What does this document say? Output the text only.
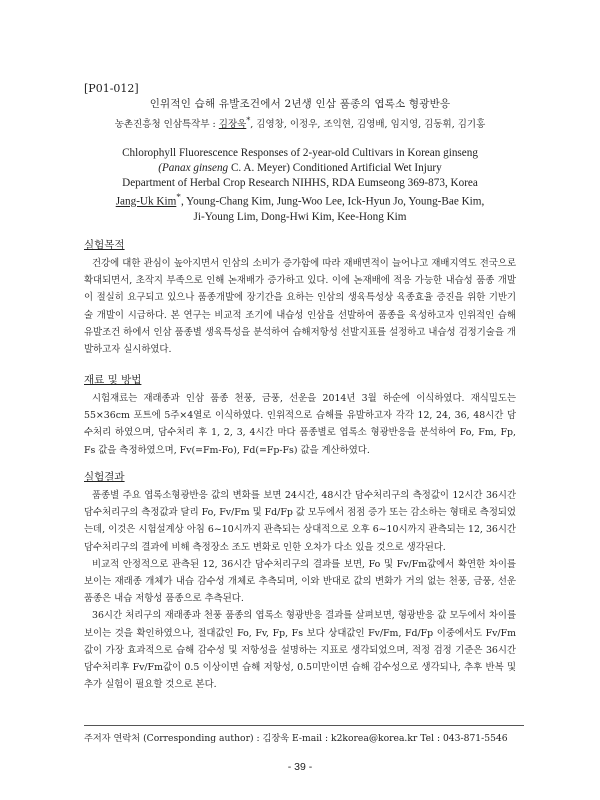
[P01-012]
인위적인 습해 유발조건에서 2년생 인삼 품종의 엽록소 형광반응
농촌진흥청 인삼특작부 : 김장욱*, 김영창, 이정우, 조익현, 김영배, 임지영, 김동휘, 김기홍
Chlorophyll Fluorescence Responses of 2-year-old Cultivars in Korean ginseng
(Panax ginseng C. A. Meyer) Conditioned Artificial Wet Injury
Department of Herbal Crop Research NIHHS, RDA Eumseong 369-873, Korea
Jang-Uk Kim*, Young-Chang Kim, Jung-Woo Lee, Ick-Hyun Jo, Young-Bae Kim,
Ji-Young Lim, Dong-Hwi Kim, Kee-Hong Kim
실험목적

건강에 대한 관심이 높아지면서 인삼의 소비가 증가함에 따라 재배면적이 늘어나고 재배지역도 전국으로 확대되면서, 초작지 부족으로 인해 논재배가 증가하고 있다. 이에 논재배에 적응 가능한 내습성 품종 개발이 절실히 요구되고 있으나 품종개발에 장기간을 요하는 인삼의 생육특성상 육종효율 증진을 위한 기반기술 개발이 시급하다. 본 연구는 비교적 조기에 내습성 인삼을 선발하여 품종을 육성하고자 인위적인 습해 유발조건 하에서 인삼 품종별 생육특성을 분석하여 습해저항성 선발지표를 설정하고 내습성 검정기술을 개발하고자 실시하였다.

재료 및 방법

시험재료는 재래종과 인삼 품종 천풍, 금풍, 선운을 2014년 3월 하순에 이식하였다. 재식밀도는 55×36cm 포트에 5주×4열로 이식하였다. 인위적으로 습해를 유발하고자 각각 12, 24, 36, 48시간 담수처리 하였으며, 담수처리 후 1, 2, 3, 4시간 마다 품종별로 엽록소 형광반응을 분석하여 Fo, Fm, Fp, Fs 값을 측정하였으며, Fv(=Fm-Fo), Fd(=Fp-Fs) 값을 계산하였다.

실험결과

품종별 주요 엽록소형광반응 값의 변화를 보면 24시간, 48시간 담수처리구의 측정값이 12시간 36시간 담수처리구의 측정값과 달리 Fo, Fv/Fm 및 Fd/Fp 값 모두에서 점점 증가 또는 감소하는 형태로 측정되었는데, 이것은 시험설계상 아침 6~10시까지 관측되는 상대적으로 오후 6~10시까지 관측되는 12, 36시간 담수처리구의 결과에 비해 측정장소 조도 변화로 인한 오차가 다소 있을 것으로 생각된다.

비교적 안정적으로 관측된 12, 36시간 담수처리구의 결과를 보면, Fo 및 Fv/Fm값에서 확연한 차이를 보이는 재래종 개체가 내습 감수성 개체로 추측되며, 이와 반대로 값의 변화가 거의 없는 천풍, 금풍, 선운 품종은 내습 저항성 품종으로 추측된다.

36시간 처리구의 재래종과 천풍 품종의 엽록소 형광반응 결과를 살펴보면, 형광반응 값 모두에서 차이를 보이는 것을 확인하였으나, 절대값인 Fo, Fv, Fp, Fs 보다 상대값인 Fv/Fm, Fd/Fp 이중에서도 Fv/Fm값이 가장 효과적으로 습해 감수성 및 저항성을 설명하는 지표로 생각되었으며, 적정 검정 기준은 36시간 담수처리후 Fv/Fm값이 0.5 이상이면 습해 저항성, 0.5미만이면 습해 감수성으로 생각되나, 추후 반복 및 추가 실험이 필요할 것으로 본다.

주저자 연락처 (Corresponding author) : 김장욱 E-mail : k2korea@korea.kr Tel : 043-871-5546
- 39 -
